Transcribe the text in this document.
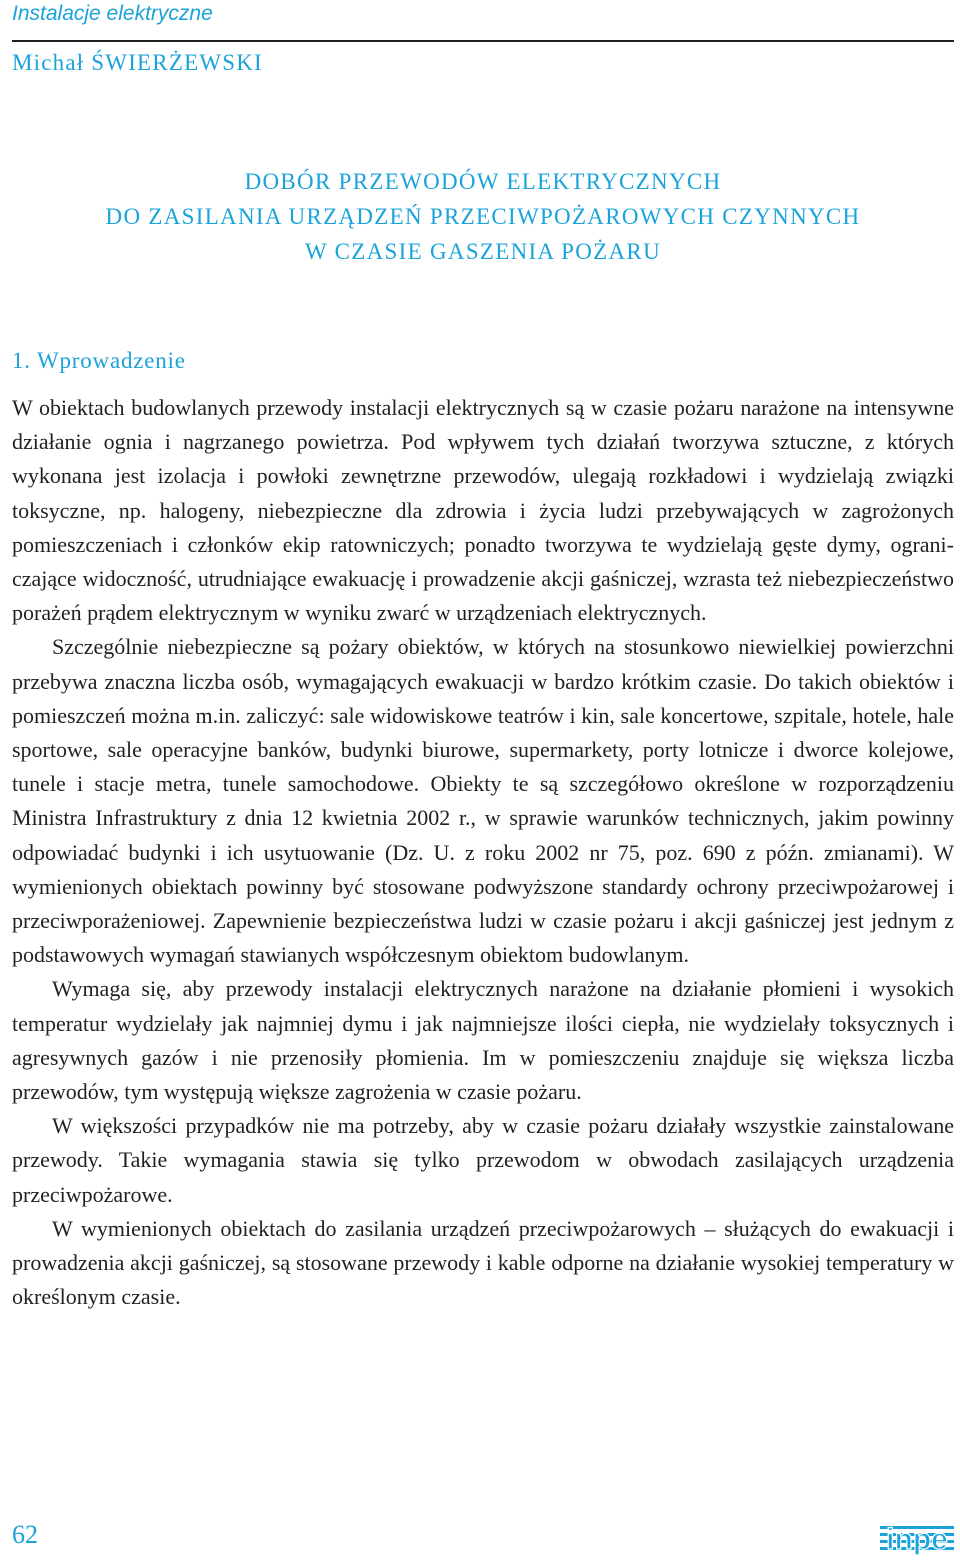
Instalacje elektryczne
Michał ŚWIERŻEWSKI
DOBÓR PRZEWODÓW ELEKTRYCZNYCH
DO ZASILANIA URZĄDZEŃ PRZECIWPOŻAROWYCH CZYNNYCH
W CZASIE GASZENIA POŻARU
1. Wprowadzenie

W obiektach budowlanych przewody instalacji elektrycznych są w czasie pożaru narażone na intensywne działanie ognia i nagrzanego powietrza. Pod wpływem tych działań tworzywa sztuczne, z których wykonana jest izolacja i powłoki zewnętrzne przewodów, ulegają rozkładowi i wydzielają związki toksyczne, np. halogeny, niebezpieczne dla zdrowia i życia ludzi przebywających w zagrożonych pomieszczeniach i członków ekip ratowniczych; ponadto tworzywa te wydzielają gęste dymy, ograniczające widoczność, utrudniające ewakuację i prowadzenie akcji gaśniczej, wzrasta też niebezpieczeństwo porażeń prądem elektrycznym w wyniku zwarć w urządzeniach elektrycznych.

Szczególnie niebezpieczne są pożary obiektów, w których na stosunkowo niewielkiej powierzchni przebywa znaczna liczba osób, wymagających ewakuacji w bardzo krótkim czasie. Do takich obiektów i pomieszczeń można m.in. zaliczyć: sale widowiskowe teatrów i kin, sale koncertowe, szpitale, hotele, hale sportowe, sale operacyjne banków, budynki biurowe, supermarkety, porty lotnicze i dworce kolejowe, tunele i stacje metra, tunele samochodowe. Obiekty te są szczegółowo określone w rozporządzeniu Ministra Infrastruktury z dnia 12 kwietnia 2002 r., w sprawie warunków technicznych, jakim powinny odpowiadać budynki i ich usytuowanie (Dz. U. z roku 2002 nr 75, poz. 690 z późn. zmianami). W wymienionych obiektach powinny być stosowane podwyższone standardy ochrony przeciwpożarowej i przeciwporażeniowej. Zapewnienie bezpieczeństwa ludzi w czasie pożaru i akcji gaśniczej jest jednym z podstawowych wymagań stawianych współczesnym obiektom budowlanym.

Wymaga się, aby przewody instalacji elektrycznych narażone na działanie płomieni i wysokich temperatur wydzielały jak najmniej dymu i jak najmniejsze ilości ciepła, nie wydzielały toksycznych i agresywnych gazów i nie przenosiły płomienia. Im w pomieszczeniu znajduje się większa liczba przewodów, tym występują większe zagrożenia w czasie pożaru.

W większości przypadków nie ma potrzeby, aby w czasie pożaru działały wszystkie zainstalowane przewody. Takie wymagania stawia się tylko przewodom w obwodach zasilających urządzenia przeciwpożarowe.

W wymienionych obiektach do zasilania urządzeń przeciwpożarowych – służących do ewakuacji i prowadzenia akcji gaśniczej, są stosowane przewody i kable odporne na działanie wysokiej temperatury w określonym czasie.

62	inpe
